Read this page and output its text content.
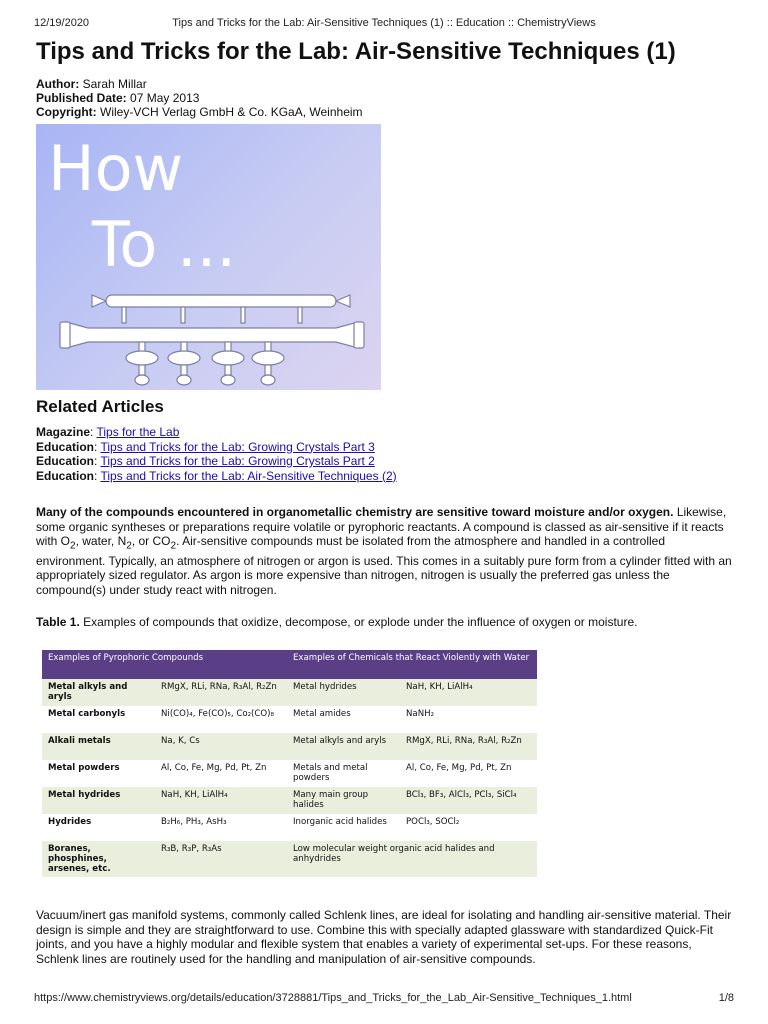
12/19/2020	Tips and Tricks for the Lab: Air-Sensitive Techniques (1) :: Education :: ChemistryViews
Tips and Tricks for the Lab: Air-Sensitive Techniques (1)
Author: Sarah Millar
Published Date: 07 May 2013
Copyright: Wiley-VCH Verlag GmbH & Co. KGaA, Weinheim
How
To ...
Related Articles
Magazine: Tips for the Lab
Education: Tips and Tricks for the Lab: Growing Crystals Part 3
Education: Tips and Tricks for the Lab: Growing Crystals Part 2
Education: Tips and Tricks for the Lab: Air-Sensitive Techniques (2)
Many of the compounds encountered in organometallic chemistry are sensitive toward moisture and/or oxygen. Likewise, some organic syntheses or preparations require volatile or pyrophoric reactants. A compound is classed as air-sensitive if it reacts with $O_2$, water, $N_2$, or $CO_2$. Air-sensitive compounds must be isolated from the atmosphere and handled in a controlled environment. Typically, an atmosphere of nitrogen or argon is used. This comes in a suitably pure form from a cylinder fitted with an appropriately sized regulator. As argon is more expensive than nitrogen, nitrogen is usually the preferred gas unless the compound(s) under study react with nitrogen.
Table 1. Examples of compounds that oxidize, decompose, or explode under the influence of oxygen or moisture.
Examples of Pyrophoric Compounds		Examples of Chemicals that React Violently with Water	
Metal alkyls and aryls	RMgX, RLi, RNa, R₃Al, R₂Zn	Metal hydrides	NaH, KH, LiAlH₄
Metal carbonyls	Ni(CO)₄, Fe(CO)₅, Co₂(CO)₈	Metal amides	NaNH₂
Alkali metals	Na, K, Cs	Metal alkyls and aryls	RMgX, RLi, RNa, R₃Al, R₂Zn
Metal powders	Al, Co, Fe, Mg, Pd, Pt, Zn	Metals and metal powders	Al, Co, Fe, Mg, Pd, Pt, Zn
Metal hydrides	NaH, KH, LiAlH₄	Many main group halides	BCl₃, BF₃, AlCl₃, PCl₃, SiCl₄
Hydrides	B₂H₆, PH₃, AsH₃	Inorganic acid halides	POCl₃, SOCl₂
Boranes, phosphines, arsenes, etc.	R₃B, R₃P, R₃As	Low molecular weight organic acid halides and anhydrides	
Vacuum/inert gas manifold systems, commonly called Schlenk lines, are ideal for isolating and handling air-sensitive material. Their design is simple and they are straightforward to use. Combine this with specially adapted glassware with standardized Quick-Fit joints, and you have a highly modular and flexible system that enables a variety of experimental set-ups. For these reasons, Schlenk lines are routinely used for the handling and manipulation of air-sensitive compounds.
https://www.chemistryviews.org/details/education/3728881/Tips_and_Tricks_for_the_Lab_Air-Sensitive_Techniques_1.html	1/8
